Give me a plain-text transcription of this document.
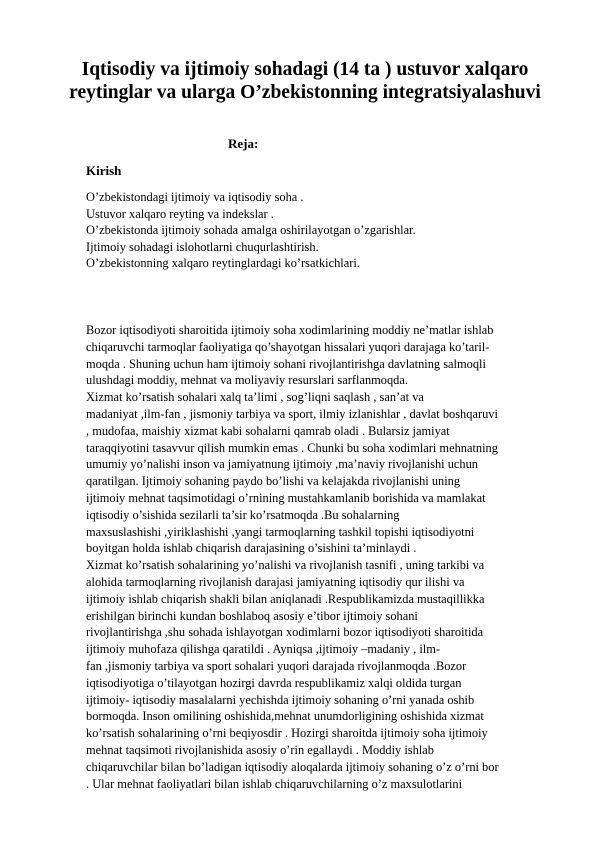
Iqtisodiy va ijtimoiy sohadagi (14 ta ) ustuvor xalqaro reytinglar va ularga O’zbekistonning integratsiyalashuvi
Reja:
Kirish
O’zbekistondagi ijtimoiy va iqtisodiy soha .
Ustuvor xalqaro reyting va indekslar .
O’zbekistonda ijtimoiy sohada amalga oshirilayotgan o’zgarishlar.
Ijtimoiy sohadagi islohotlarni chuqurlashtirish.
O’zbekistonning xalqaro reytinglardagi ko’rsatkichlari.
Bozor iqtisodiyoti sharoitida ijtimoiy soha xodimlarining moddiy ne’matlar ishlab
chiqaruvchi tarmoqlar faoliyatiga qo’shayotgan hissalari yuqori darajaga ko’taril-
moqda . Shuning uchun ham ijtimoiy sohani rivojlantirishga davlatning salmoqli
ulushdagi moddiy, mehnat va moliyaviy resurslari sarflanmoqda.
Xizmat ko’rsatish sohalari xalq ta’limi , sog’liqni saqlash , san’at va
madaniyat ,ilm-fan , jismoniy tarbiya va sport, ilmiy izlanishlar , davlat boshqaruvi
, mudofaa, maishiy xizmat kabi sohalarni qamrab oladi . Bularsiz jamiyat
taraqqiyotini tasavvur qilish mumkin emas . Chunki bu soha xodimlari mehnatning
umumiy yo’nalishi inson va jamiyatnung ijtimoiy ,ma’naviy rivojlanishi uchun
qaratilgan. Ijtimoiy sohaning paydo bo’lishi va kelajakda rivojlanishi uning
ijtimoiy mehnat taqsimotidagi o’rnining mustahkamlanib borishida va mamlakat
iqtisodiy o’sishida sezilarli ta’sir ko’rsatmoqda .Bu sohalarning
maxsuslashishi ,yiriklashishi ,yangi tarmoqlarning tashkil topishi iqtisodiyotni
boyitgan holda ishlab chiqarish darajasining o’sishini ta’minlaydi .
Xizmat ko’rsatish sohalarining yo’nalishi va rivojlanish tasnifi , uning tarkibi va
alohida tarmoqlarning rivojlanish darajasi jamiyatning iqtisodiy qur ilishi va
ijtimoiy ishlab chiqarish shakli bilan aniqlanadi .Respublikamizda mustaqillikka
erishilgan birinchi kundan boshlaboq asosiy e’tibor ijtimoiy sohani
rivojlantirishga ,shu sohada ishlayotgan xodimlarni bozor iqtisodiyoti sharoitida
ijtimoiy muhofaza qilishga qaratildi . Ayniqsa ,ijtimoiy –madaniy , ilm-
fan ,jismoniy tarbiya va sport sohalari yuqori darajada rivojlanmoqda .Bozor
iqtisodiyotiga o’tilayotgan hozirgi davrda respublikamiz xalqi oldida turgan
ijtimoiy- iqtisodiy masalalarni yechishda ijtimoiy sohaning o’rni yanada oshib
bormoqda. Inson omilining oshishida,mehnat unumdorligining oshishida xizmat
ko’rsatish sohalarining o’rni beqiyosdir . Hozirgi sharoitda ijtimoiy soha ijtimoiy
mehnat taqsimoti rivojlanishida asosiy o’rin egallaydi . Moddiy ishlab
chiqaruvchilar bilan bo’ladigan iqtisodiy aloqalarda ijtimoiy sohaning o’z o’rni bor
. Ular mehnat faoliyatlari bilan ishlab chiqaruvchilarning o’z maxsulotlarini
